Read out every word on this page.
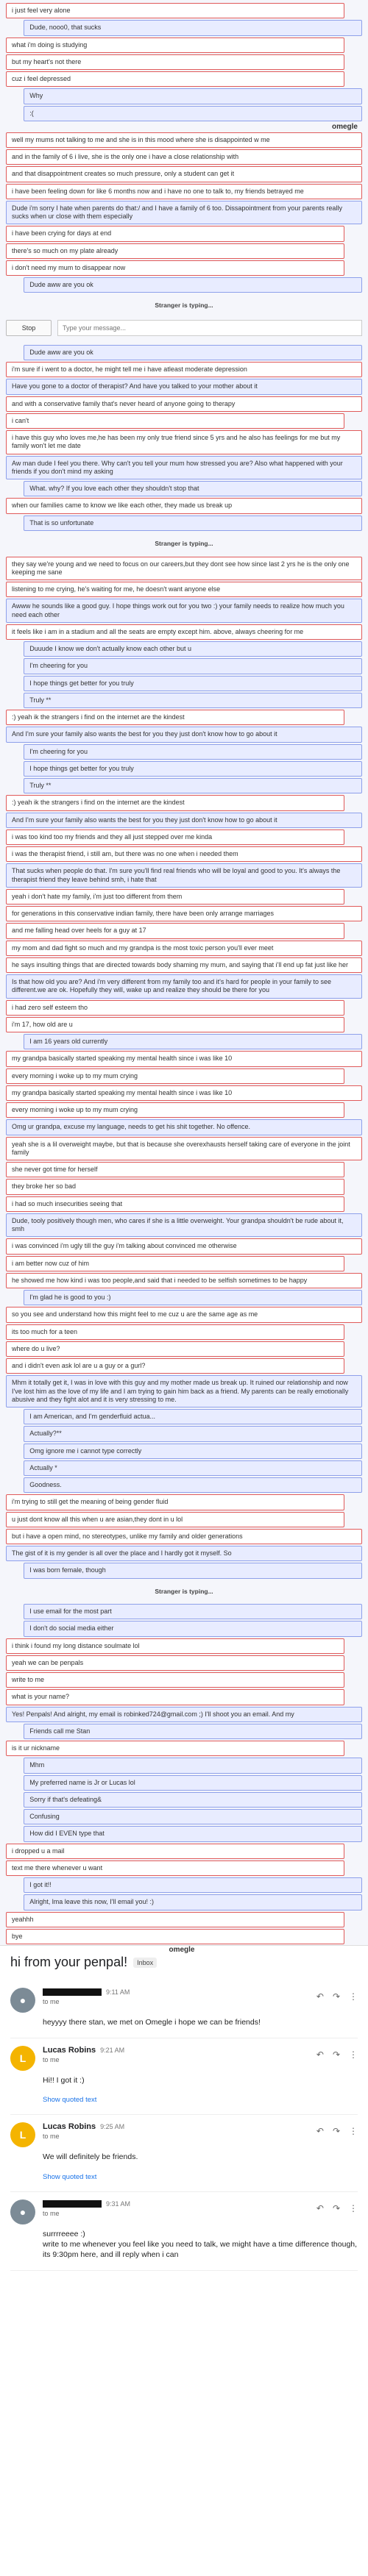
i just feel very alone
Dude, nooo0, that sucks
what i'm doing is studying
but my heart's not there
cuz i feel depressed
Why
:(
omegle
well my mums not talking to me and she is in this mood where she is disappointed w me
and in the family of 6 i live, she is the only one i have a close relationship with
and that disappointment creates so much pressure, only a student can get it
i have been feeling down for like 6 months now and i have no one to talk to, my friends betrayed me
Dude i'm sorry I hate when parents do that:/ and I have a family of 6 too. Dissapointment from your parents really sucks when ur close with them especially
i have been crying for days at end
there's so much on my plate already
i don't need my mum to disappear now
Dude aww are you ok
Stranger is typing...
Stop
Type your message...
Dude aww are you ok
i'm sure if i went to a doctor, he might tell me i have atleast moderate depression
Have you gone to a doctor of therapist? And have you talked to your mother about it
and with a conservative family that's never heard of anyone going to therapy
i can't
i have this guy who loves me,he has been my only true friend since 5 yrs and he also has feelings for me but my family won't let me date
Aw man dude I feel you there. Why can't you tell your mum how stressed you are? Also what happened with your friends if you don't mind my asking
What. why? If you love each other they shouldn't stop that
when our families came to know we like each other, they made us break up
That is so unfortunate
Stranger is typing...
they say we're young and we need to focus on our careers,but they dont see how since last 2 yrs he is the only one keeping me sane
listening to me crying, he's waiting for me, he doesn't want anyone else
Awww he sounds like a good guy. I hope things work out for you two :) your family needs to realize how much you need each other
it feels like i am in a stadium and all the seats are empty except him. above, always cheering for me
Duuude I know we don't actually know each other but u
I'm cheering for you
I hope things get better for you truly
Truly **
:) yeah ik the strangers i find on the internet are the kindest
And I'm sure your family also wants the best for you they just don't know how to go about it
I'm cheering for you
I hope things get better for you truly
Truly **
:) yeah ik the strangers i find on the internet are the kindest
And I'm sure your family also wants the best for you they just don't know how to go about it
i was too kind too my friends and they all just stepped over me kinda
i was the therapist friend, i still am, but there was no one when i needed them
That sucks when people do that. I'm sure you'll find real friends who will be loyal and good to you. It's always the therapist friend they leave behind smh, i hate that
yeah i don't hate my family, i'm just too different from them
for generations in this conservative indian family, there have been only arrange marriages
and me falling head over heels for a guy at 17
my mom and dad fight so much and my grandpa is the most toxic person you'll ever meet
he says insulting things that are directed towards body shaming my mum, and saying that i'll end up fat just like her
Is that how old you are? And i'm very different from my family too and it's hard for people in your family to see different.we are ok. Hopefully they will, wake up and realize they should be there for you
i had zero self esteem tho
i'm 17, how old are u
I am 16 years old currently
my grandpa basically started speaking my mental health since i was like 10
every morning i woke up to my mum crying
my grandpa basically started speaking my mental health since i was like 10
every morning i woke up to my mum crying
Omg ur grandpa, excuse my language, needs to get his shit together. No offence.
yeah she is a lil overweight maybe, but that is because she overexhausts herself taking care of everyone in the joint family
she never got time for herself
they broke her so bad
i had so much insecurities seeing that
Dude, tooly positively though men, who cares if she is a little overweight. Your grandpa shouldn't be rude about it, smh
i was convinced i'm ugly till the guy i'm talking about convinced me otherwise
i am better now cuz of him
he showed me how kind i was too people,and said that i needed to be selfish sometimes to be happy
I'm glad he is good to you :)
so you see and understand how this might feel to me cuz u are the same age as me
its too much for a teen
where do u live?
and i didn't even ask lol are u a guy or a gurl?
Mhm it totally get it, I was in love with this guy and my mother made us break up. It ruined our relationship and now I've lost him as the love of my life and I am trying to gain him back as a friend. My parents can be really emotionally abusive and they fight alot and it is very stressing to me.
I am American, and I'm genderfluid actua...
Actually?**
Omg ignore me i cannot type correctly
Actually *
Goodness.
i'm trying to still get the meaning of being gender fluid
u just dont know all this when u are asian,they dont in u lol
but i have a open mind, no stereotypes, unlike my family and older generations
The gist of it is my gender is all over the place and I hardly got it myself. So
I was born female, though
Stranger is typing...
I use email for the most part
I don't do social media either
i think i found my long distance soulmate lol
yeah we can be penpals
write to me
what is your name?
Yes! Penpals! And alright, my email is robinked724@gmail.com ;) I'll shoot you an email. And my
Friends call me Stan
is it ur nickname
Mhm
My preferred name is Jr or Lucas lol
Sorry if that's defeating&
Confusing
How did I EVEN type that
i dropped u a mail
text me there whenever u want
I got it!!
Alright, lma leave this now, I'll email you! :)
yeahhh
bye
omegle
hi from your penpal!	Inbox
●
9:11 AM
to me	↶ ↷ ⋮
heyyyy there stan, we met on Omegle i hope we can be friends!
L
Lucas Robins 9:21 AM
to me	↶ ↷ ⋮
Hi!! I got it :)
Show quoted text
L
Lucas Robins 9:25 AM
to me	↶ ↷ ⋮
We will definitely be friends.
Show quoted text
●
9:31 AM
to me	↶ ↷ ⋮
surrrreeee :)
write to me whenever you feel like you need to talk, we might have a time difference though, its 9:30pm here, and ill reply when i can
